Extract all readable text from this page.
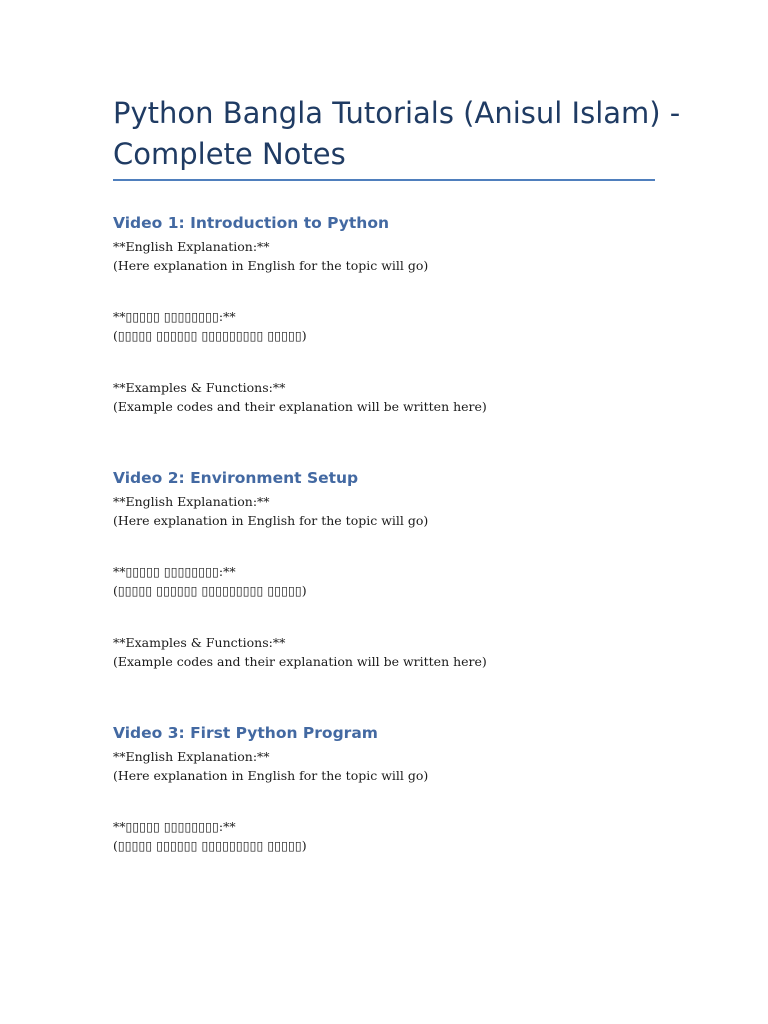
Python Bangla Tutorials (Anisul Islam) -
Complete Notes
Video 1: Introduction to Python
**English Explanation:**
(Here explanation in English for the topic will go)
**▯▯▯▯▯ ▯▯▯▯▯▯▯▯:**
(▯▯▯▯▯ ▯▯▯▯▯▯ ▯▯▯▯▯▯▯▯▯ ▯▯▯▯▯)
**Examples & Functions:**
(Example codes and their explanation will be written here)
Video 2: Environment Setup
**English Explanation:**
(Here explanation in English for the topic will go)
**▯▯▯▯▯ ▯▯▯▯▯▯▯▯:**
(▯▯▯▯▯ ▯▯▯▯▯▯ ▯▯▯▯▯▯▯▯▯ ▯▯▯▯▯)
**Examples & Functions:**
(Example codes and their explanation will be written here)
Video 3: First Python Program
**English Explanation:**
(Here explanation in English for the topic will go)
**▯▯▯▯▯ ▯▯▯▯▯▯▯▯:**
(▯▯▯▯▯ ▯▯▯▯▯▯ ▯▯▯▯▯▯▯▯▯ ▯▯▯▯▯)
